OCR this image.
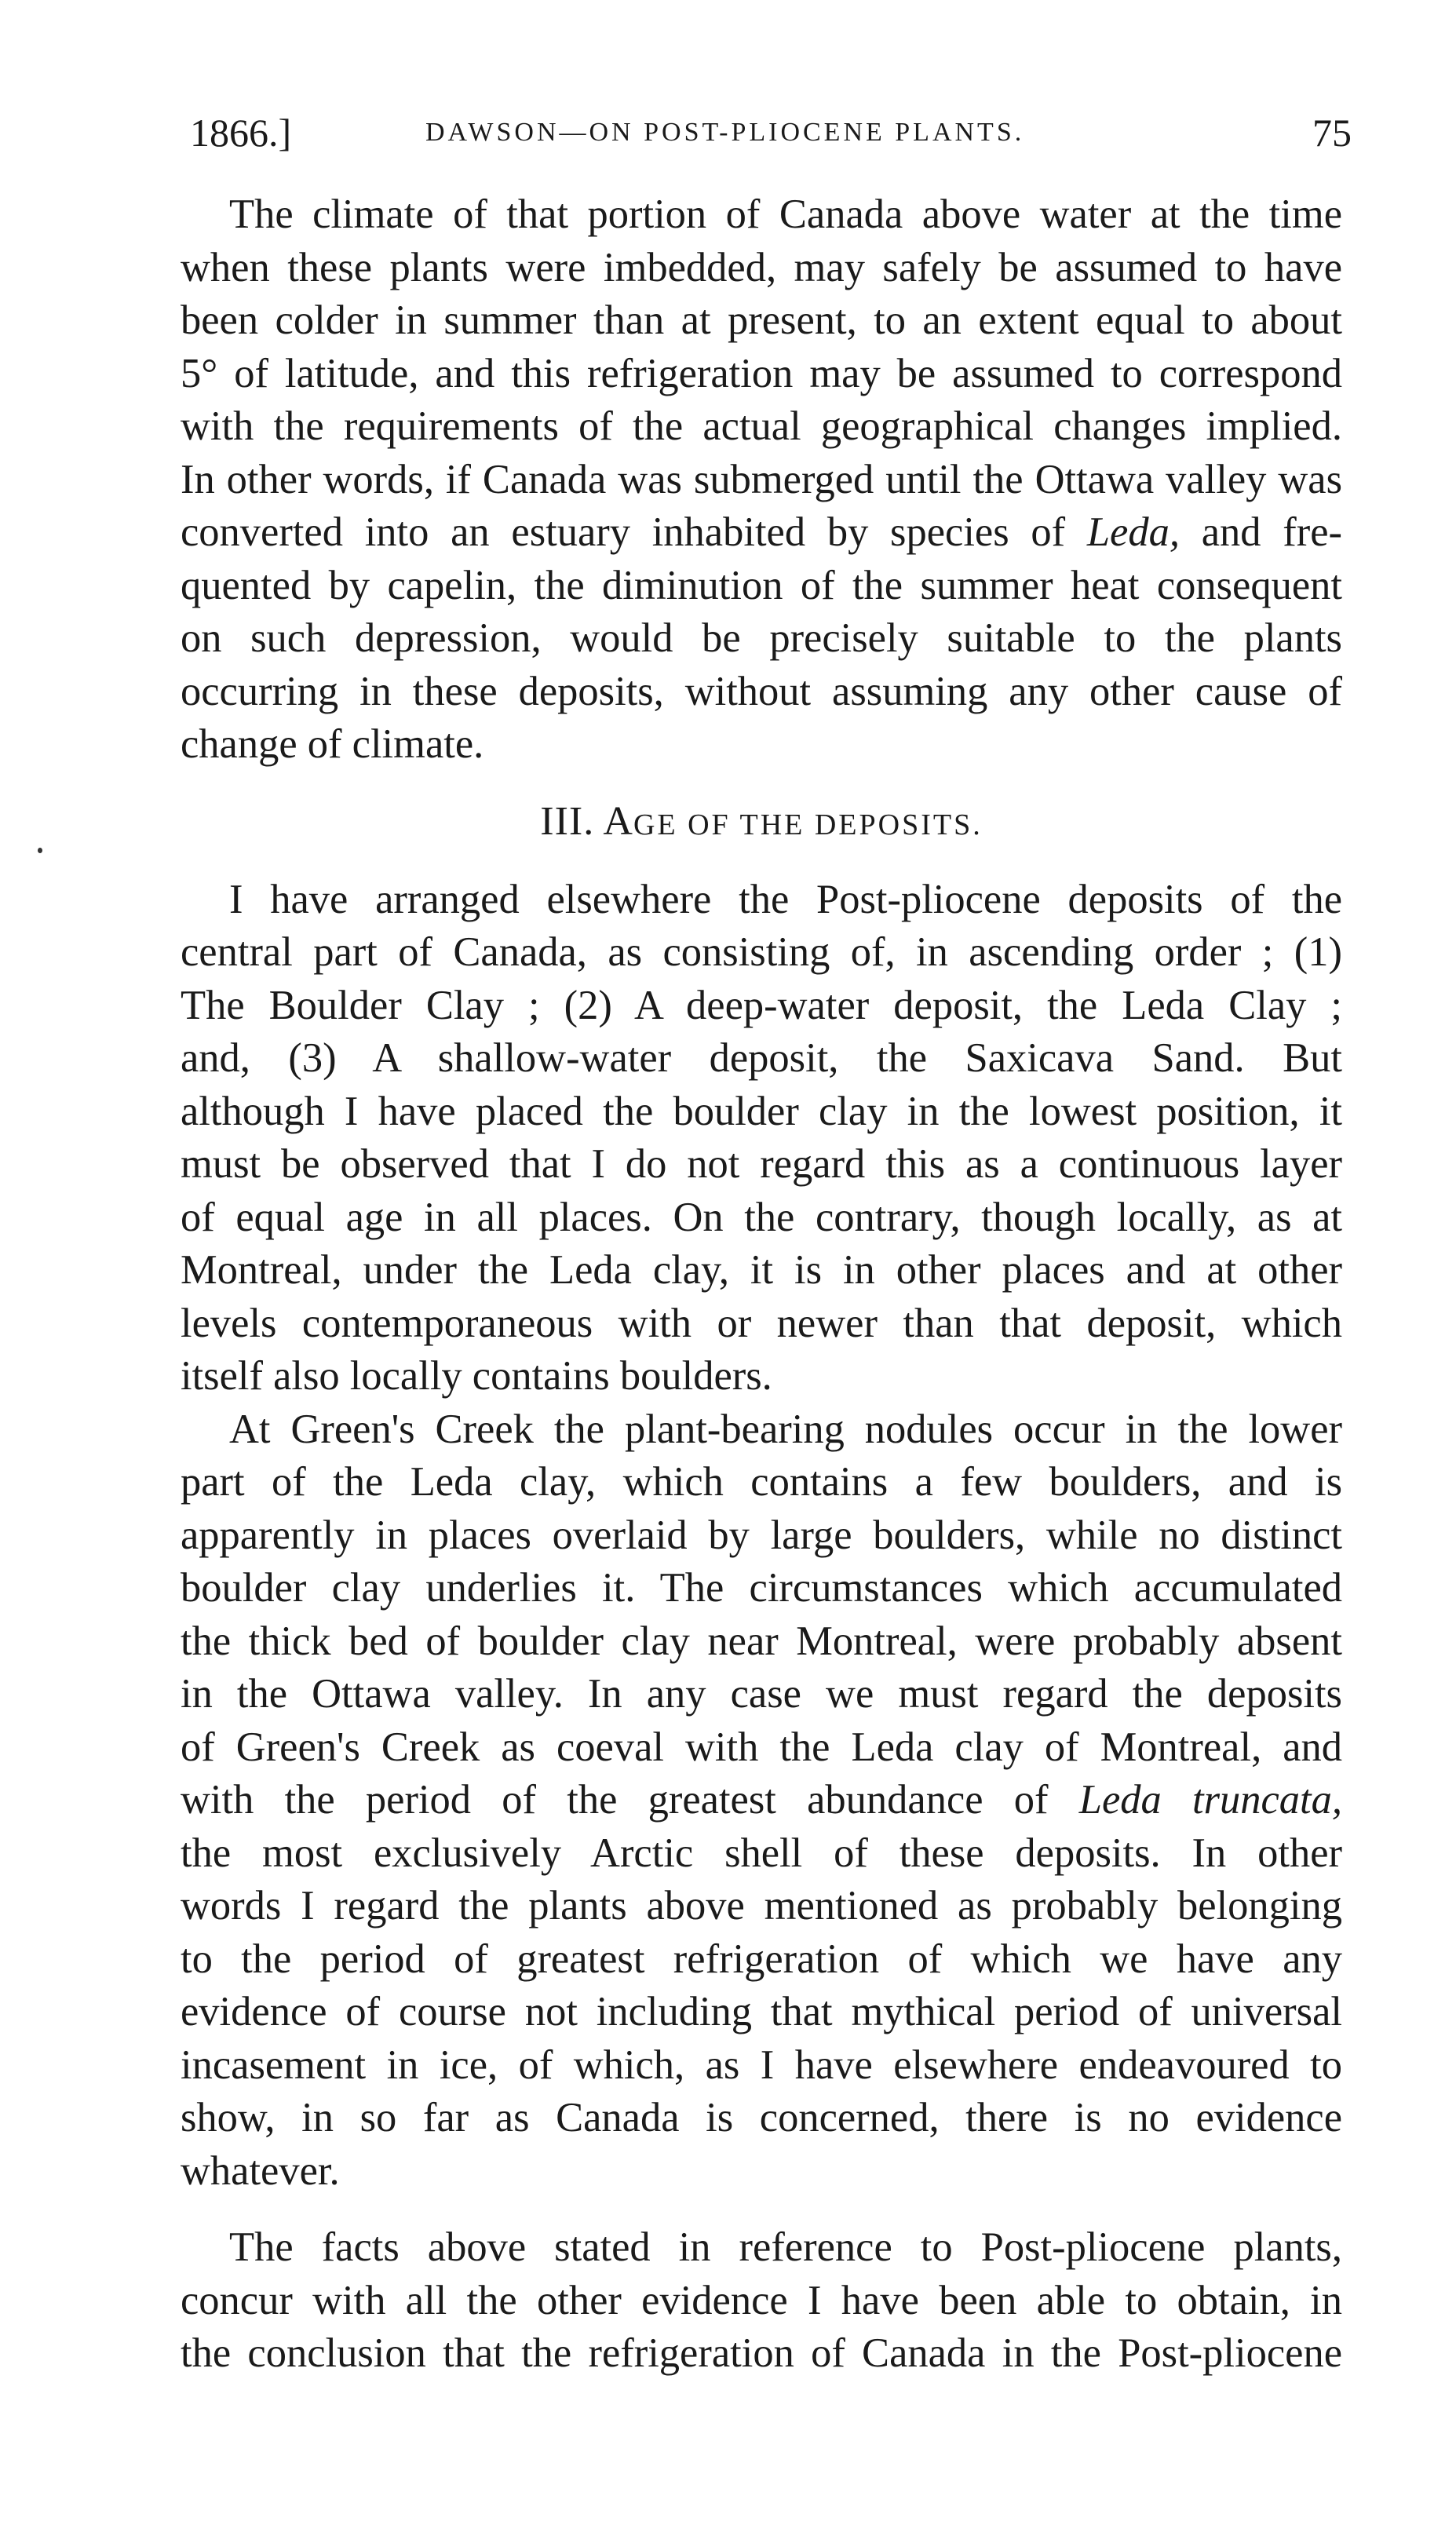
1866.]	DAWSON—ON POST-PLIOCENE PLANTS.	75

The climate of that portion of Canada above water at the time
when these plants were imbedded, may safely be assumed to have
been colder in summer than at present, to an extent equal to about
5° of latitude, and this refrigeration may be assumed to correspond
with the requirements of the actual geographical changes implied.
In other words, if Canada was submerged until the Ottawa valley was
converted into an estuary inhabited by species of Leda, and fre-
quented by capelin, the diminution of the summer heat consequent
on such depression, would be precisely suitable to the plants
occurring in these deposits, without assuming any other cause of
change of climate.

III. AGE OF THE DEPOSITS.

I have arranged elsewhere the Post-pliocene deposits of the
central part of Canada, as consisting of, in ascending order ; (1)
The Boulder Clay ; (2) A deep-water deposit, the Leda Clay ;
and, (3) A shallow-water deposit, the Saxicava Sand. But
although I have placed the boulder clay in the lowest position, it
must be observed that I do not regard this as a continuous layer
of equal age in all places. On the contrary, though locally, as at
Montreal, under the Leda clay, it is in other places and at other
levels contemporaneous with or newer than that deposit, which
itself also locally contains boulders.

At Green's Creek the plant-bearing nodules occur in the lower
part of the Leda clay, which contains a few boulders, and is
apparently in places overlaid by large boulders, while no distinct
boulder clay underlies it. The circumstances which accumulated
the thick bed of boulder clay near Montreal, were probably absent
in the Ottawa valley. In any case we must regard the deposits
of Green's Creek as coeval with the Leda clay of Montreal, and
with the period of the greatest abundance of Leda truncata,
the most exclusively Arctic shell of these deposits. In other
words I regard the plants above mentioned as probably belonging
to the period of greatest refrigeration of which we have any
evidence of course not including that mythical period of universal
incasement in ice, of which, as I have elsewhere endeavoured to
show, in so far as Canada is concerned, there is no evidence
whatever.

The facts above stated in reference to Post-pliocene plants,
concur with all the other evidence I have been able to obtain, in
the conclusion that the refrigeration of Canada in the Post-pliocene
